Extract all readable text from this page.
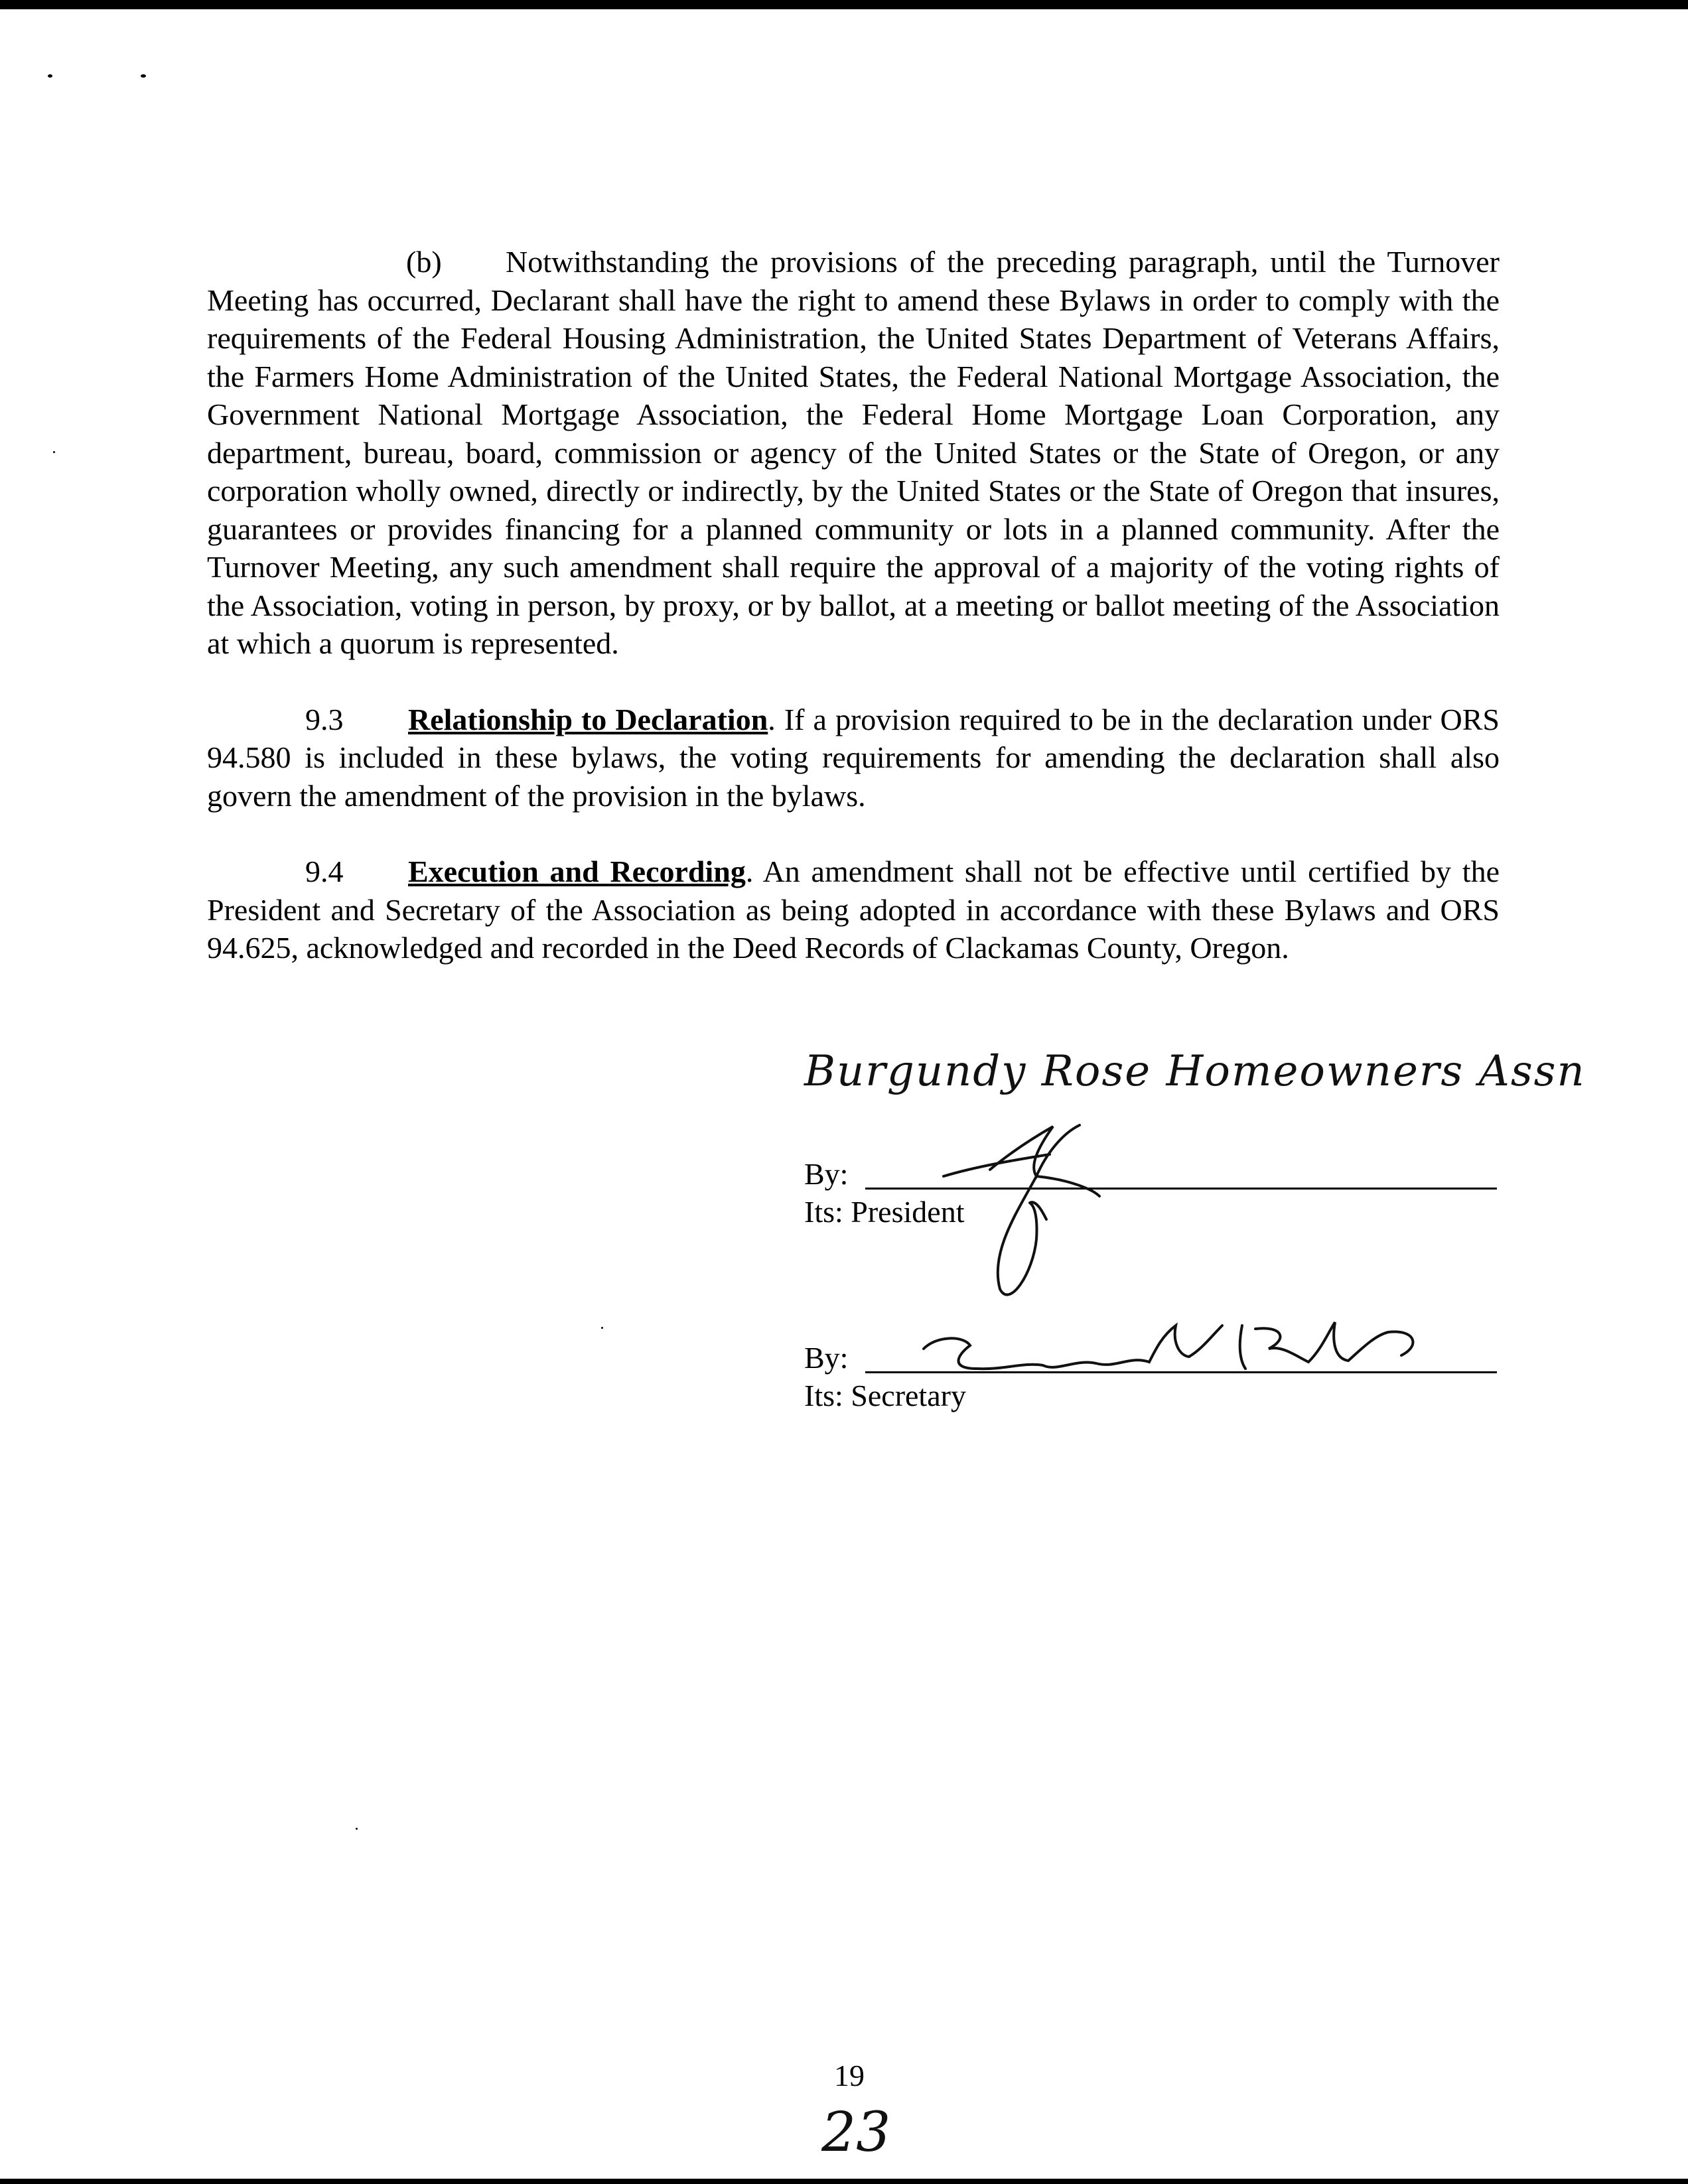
(b) Notwithstanding the provisions of the preceding paragraph, until the Turnover Meeting has occurred, Declarant shall have the right to amend these Bylaws in order to comply with the requirements of the Federal Housing Administration, the United States Department of Veterans Affairs, the Farmers Home Administration of the United States, the Federal National Mortgage Association, the Government National Mortgage Association, the Federal Home Mortgage Loan Corporation, any department, bureau, board, commission or agency of the United States or the State of Oregon, or any corporation wholly owned, directly or indirectly, by the United States or the State of Oregon that insures, guarantees or provides financing for a planned community or lots in a planned community. After the Turnover Meeting, any such amendment shall require the approval of a majority of the voting rights of the Association, voting in person, by proxy, or by ballot, at a meeting or ballot meeting of the Association at which a quorum is represented.

9.3 Relationship to Declaration. If a provision required to be in the declaration under ORS 94.580 is included in these bylaws, the voting requirements for amending the declaration shall also govern the amendment of the provision in the bylaws.

9.4 Execution and Recording. An amendment shall not be effective until certified by the President and Secretary of the Association as being adopted in accordance with these Bylaws and ORS 94.625, acknowledged and recorded in the Deed Records of Clackamas County, Oregon.

Burgundy Rose Homeowners Assn
By:
Its: President
By:
Its: Secretary
19
23
